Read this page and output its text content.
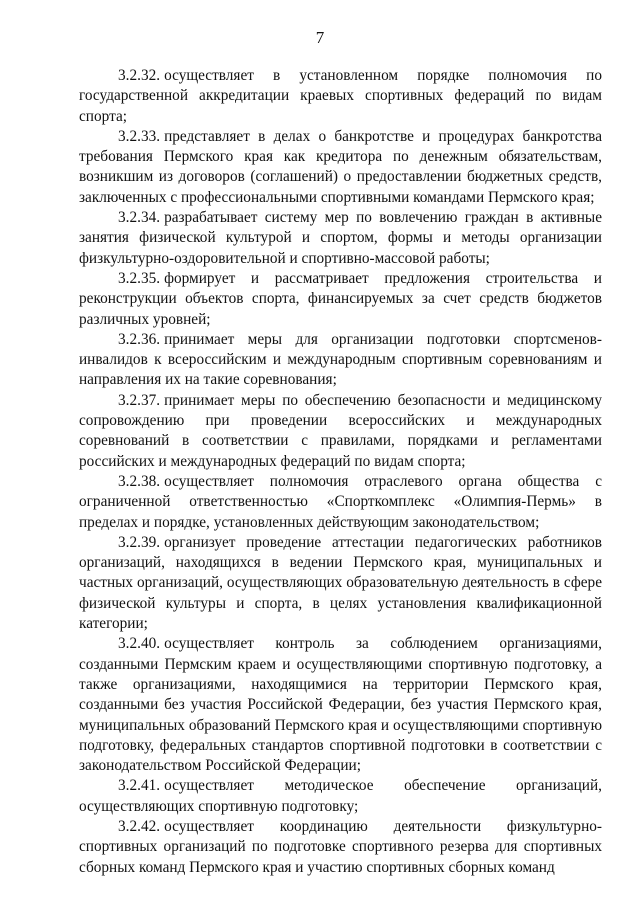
7

3.2.32. осуществляет в установленном порядке полномочия по государственной аккредитации краевых спортивных федераций по видам спорта;

3.2.33. представляет в делах о банкротстве и процедурах банкротства требования Пермского края как кредитора по денежным обязательствам, возникшим из договоров (соглашений) о предоставлении бюджетных средств, заключенных с профессиональными спортивными командами Пермского края;

3.2.34. разрабатывает систему мер по вовлечению граждан в активные занятия физической культурой и спортом, формы и методы организации физкультурно-оздоровительной и спортивно-массовой работы;

3.2.35. формирует и рассматривает предложения строительства и реконструкции объектов спорта, финансируемых за счет средств бюджетов различных уровней;

3.2.36. принимает меры для организации подготовки спортсменов-инвалидов к всероссийским и международным спортивным соревнованиям и направления их на такие соревнования;

3.2.37. принимает меры по обеспечению безопасности и медицинскому сопровождению при проведении всероссийских и международных соревнований в соответствии с правилами, порядками и регламентами российских и международных федераций по видам спорта;

3.2.38. осуществляет полномочия отраслевого органа общества с ограниченной ответственностью «Спорткомплекс «Олимпия-Пермь» в пределах и порядке, установленных действующим законодательством;

3.2.39. организует проведение аттестации педагогических работников организаций, находящихся в ведении Пермского края, муниципальных и частных организаций, осуществляющих образовательную деятельность в сфере физической культуры и спорта, в целях установления квалификационной категории;

3.2.40. осуществляет контроль за соблюдением организациями, созданными Пермским краем и осуществляющими спортивную подготовку, а также организациями, находящимися на территории Пермского края, созданными без участия Российской Федерации, без участия Пермского края, муниципальных образований Пермского края и осуществляющими спортивную подготовку, федеральных стандартов спортивной подготовки в соответствии с законодательством Российской Федерации;

3.2.41. осуществляет методическое обеспечение организаций, осуществляющих спортивную подготовку;

3.2.42. осуществляет координацию деятельности физкультурно-спортивных организаций по подготовке спортивного резерва для спортивных сборных команд Пермского края и участию спортивных сборных команд
